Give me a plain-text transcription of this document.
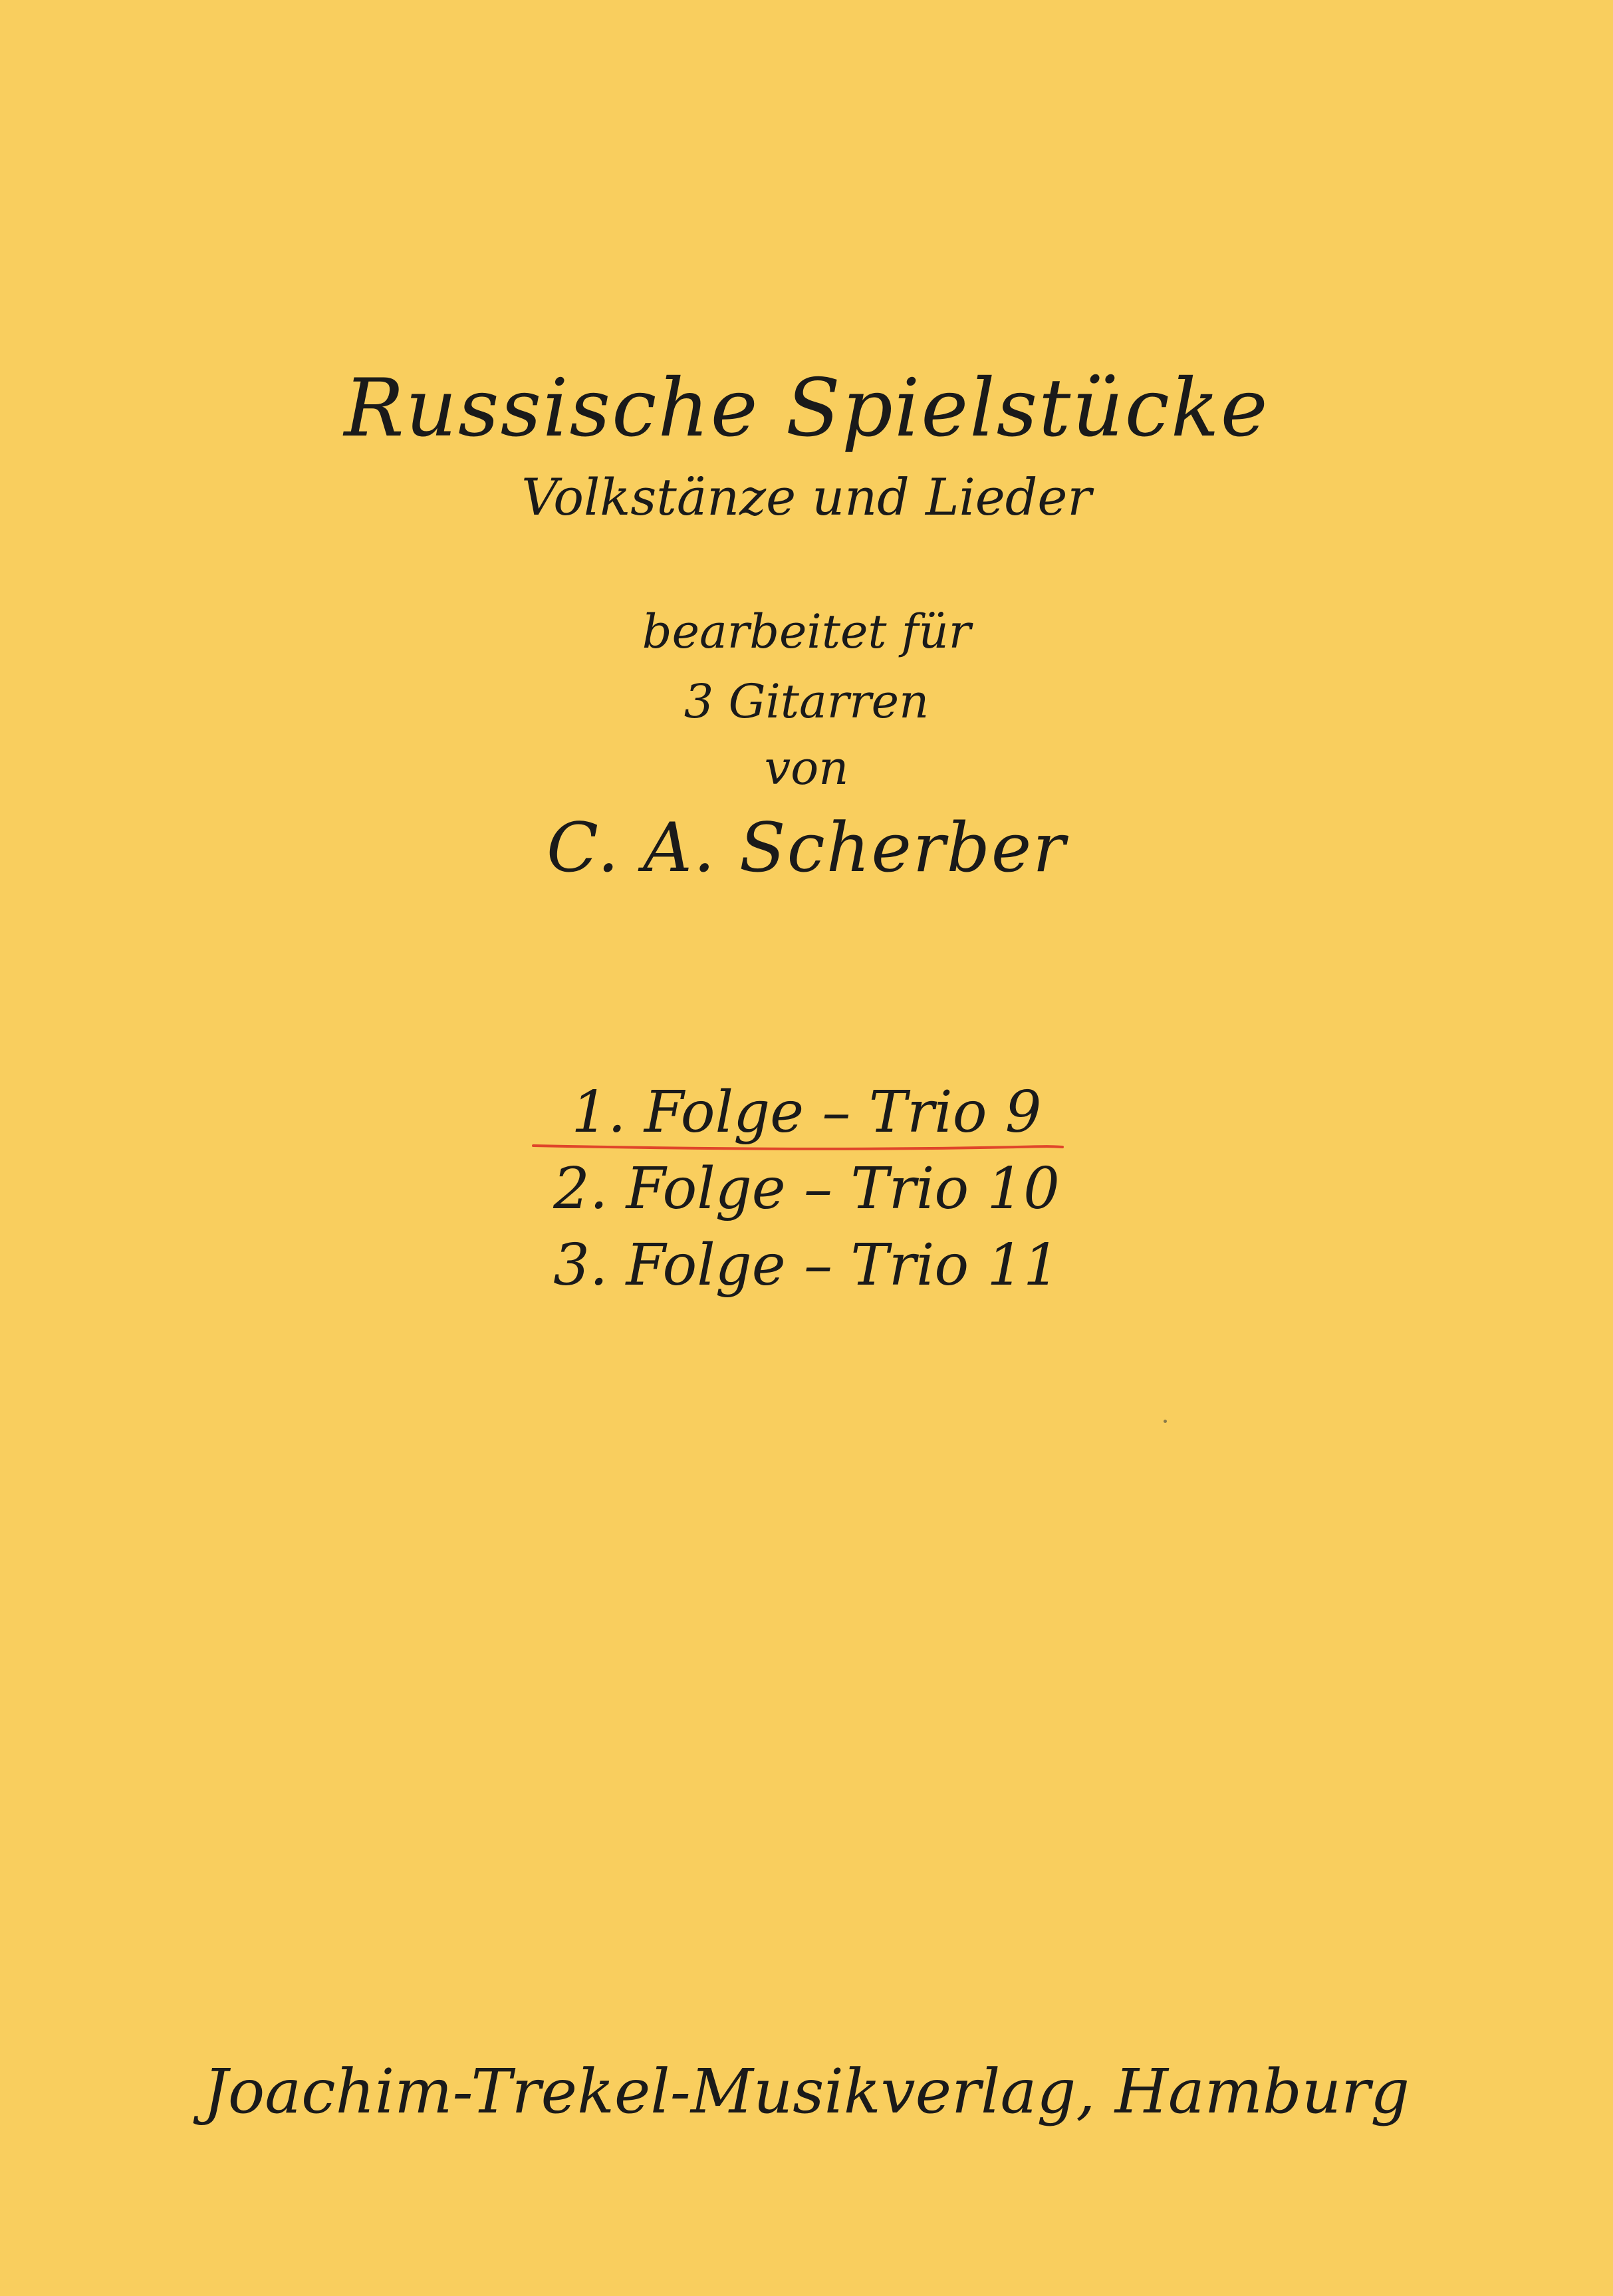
Russische Spielstücke
Volkstänze und Lieder
bearbeitet für
3 Gitarren
von
C. A. Scherber
1. Folge – Trio 9
2. Folge – Trio 10
3. Folge – Trio 11
Joachim-Trekel-Musikverlag, Hamburg
